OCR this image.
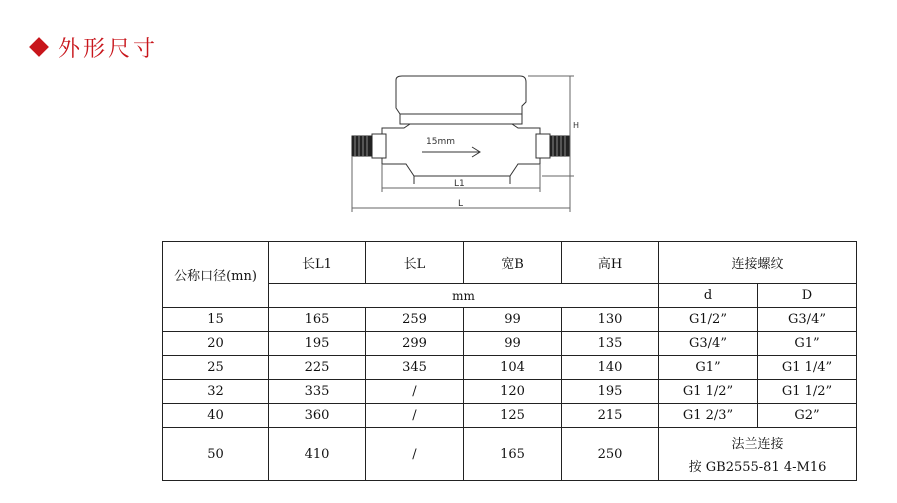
外形尺寸
15mm
H
L1
L
公称口径(mn)	长L1	长L	宽B	高H	连接螺纹	
	mm				d	D
15	165	259	99	130	G1/2”	G3/4”
20	195	299	99	135	G3/4”	G1”
25	225	345	104	140	G1”	G1 1/4”
32	335	/	120	195	G1 1/2”	G1 1/2”
40	360	/	125	215	G1 2/3”	G2”
50	410	/	165	250	法兰连接
按 GB2555-81 4-M16	
